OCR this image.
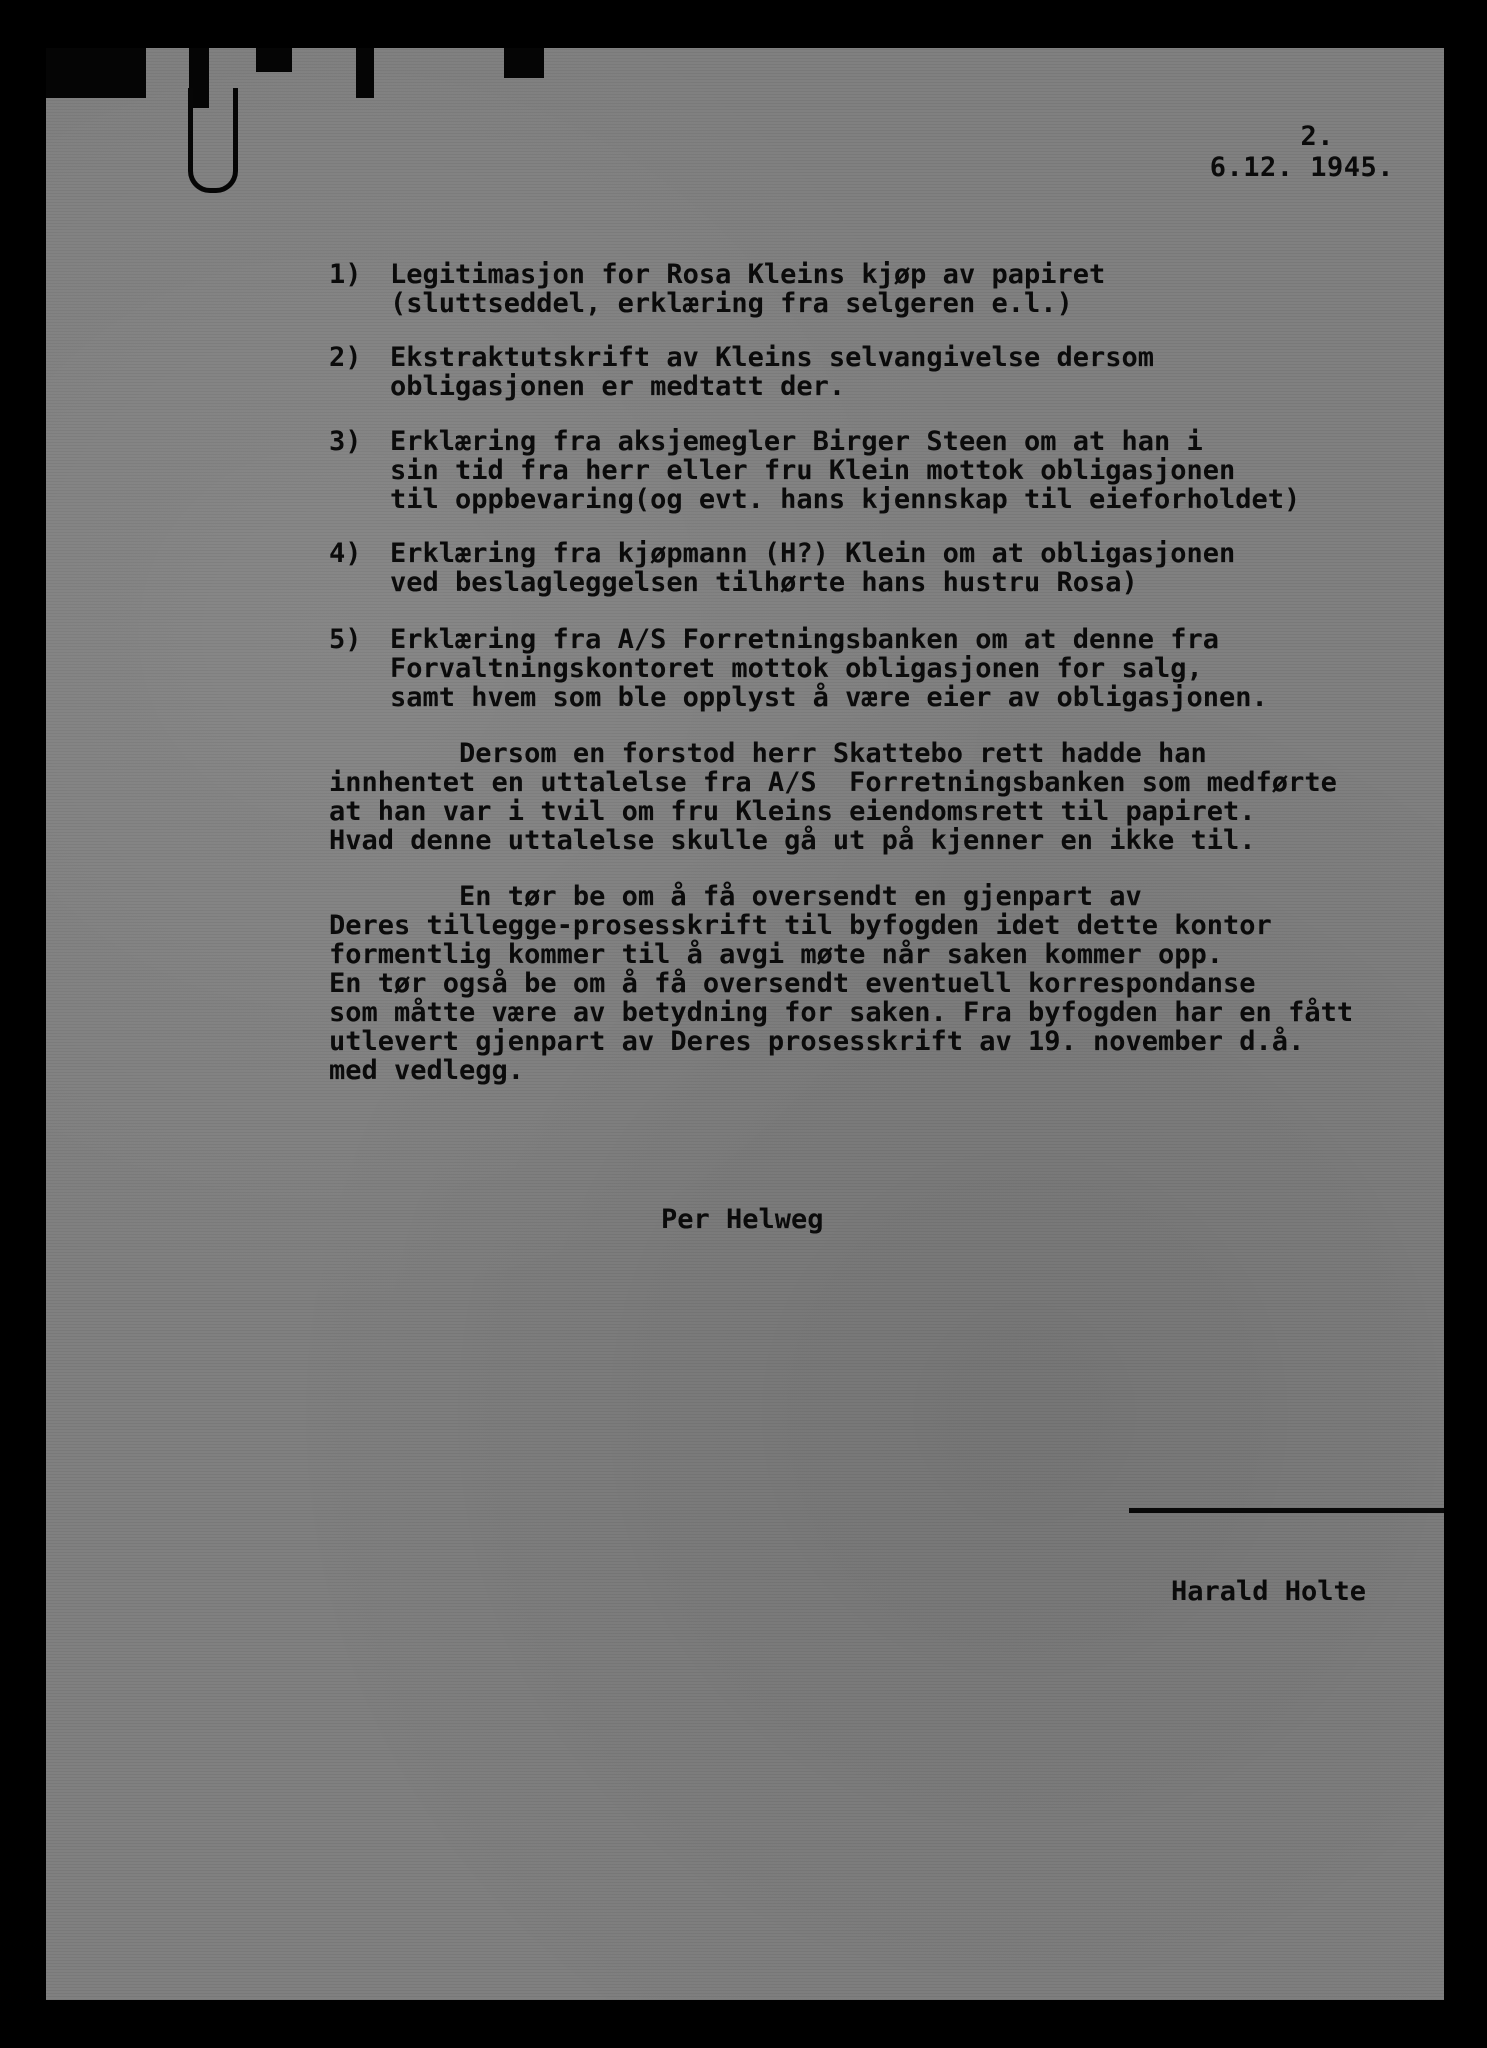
2.
6.12. 1945.
1) Legitimasjon for Rosa Kleins kjøp av papiret
(sluttseddel, erklæring fra selgeren e.l.)
2) Ekstraktutskrift av Kleins selvangivelse dersom
obligasjonen er medtatt der.
3) Erklæring fra aksjemegler Birger Steen om at han i
sin tid fra herr eller fru Klein mottok obligasjonen
til oppbevaring(og evt. hans kjennskap til eieforholdet)
4) Erklæring fra kjøpmann (H?) Klein om at obligasjonen
ved beslagleggelsen tilhørte hans hustru Rosa)
5) Erklæring fra A/S Forretningsbanken om at denne fra
Forvaltningskontoret mottok obligasjonen for salg,
samt hvem som ble opplyst å være eier av obligasjonen.
Dersom en forstod herr Skattebo rett hadde han
innhentet en uttalelse fra A/S  Forretningsbanken som medførte
at han var i tvil om fru Kleins eiendomsrett til papiret.
Hvad denne uttalelse skulle gå ut på kjenner en ikke til.
En tør be om å få oversendt en gjenpart av
Deres tillegge-prosesskrift til byfogden idet dette kontor
formentlig kommer til å avgi møte når saken kommer opp.
En tør også be om å få oversendt eventuell korrespondanse
som måtte være av betydning for saken. Fra byfogden har en fått
utlevert gjenpart av Deres prosesskrift av 19. november d.å.
med vedlegg.
Per Helweg
Harald Holte
